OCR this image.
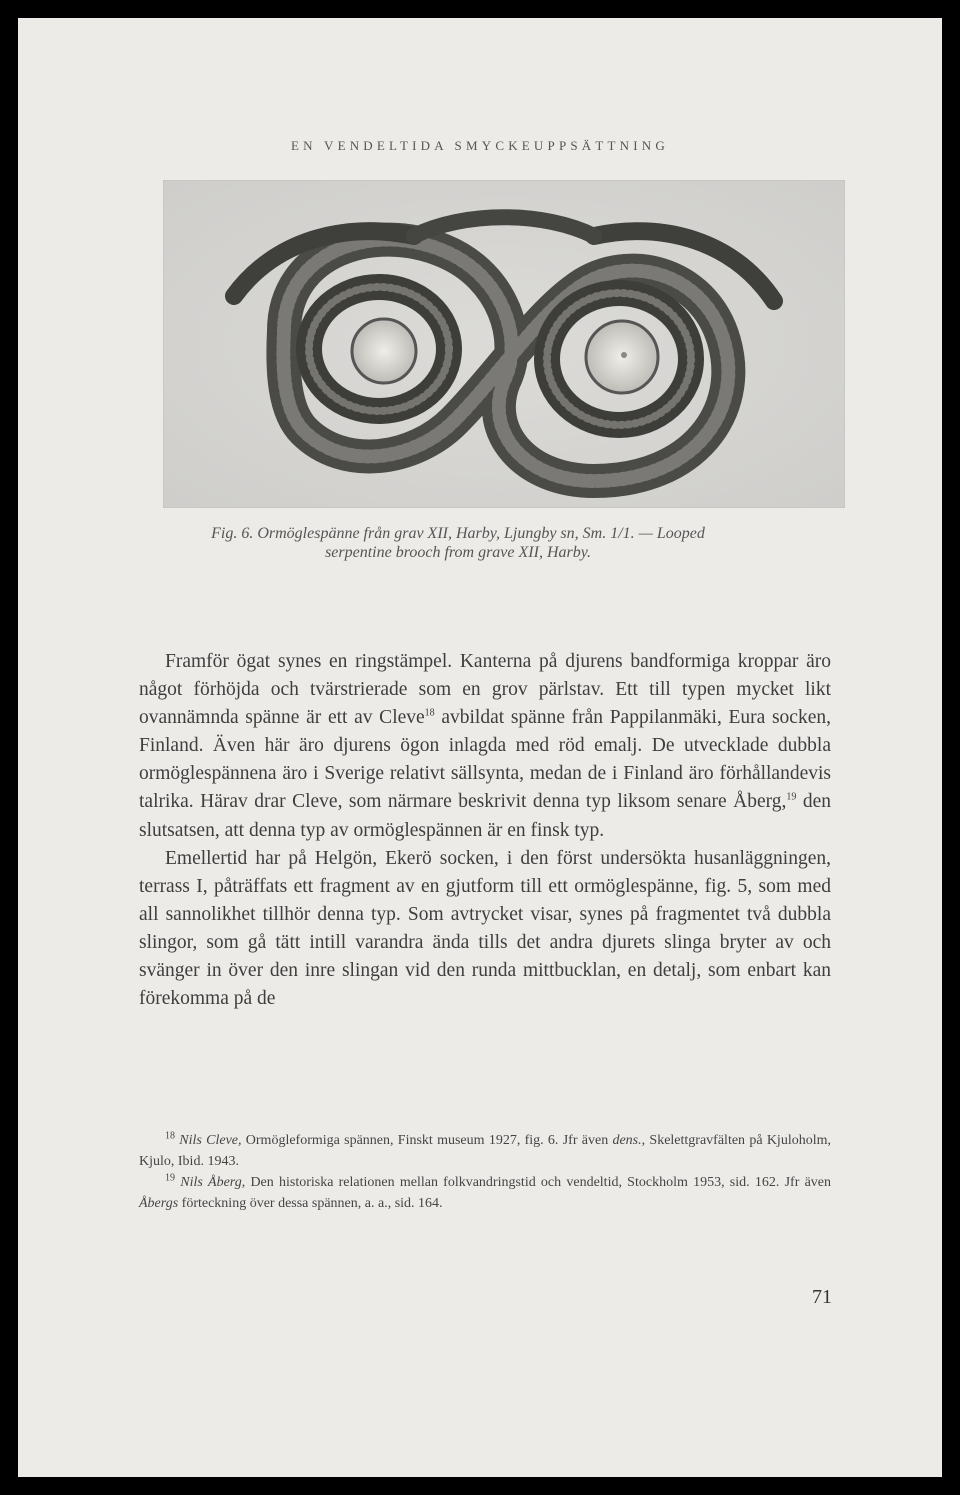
EN VENDELTIDA SMYCKEUPPSÄTTNING
Fig. 6. Ormöglespänne från grav XII, Harby, Ljungby sn, Sm. 1/1. — Looped serpentine brooch from grave XII, Harby.

Framför ögat synes en ringstämpel. Kanterna på djurens bandformiga kroppar äro något förhöjda och tvärstrierade som en grov pärlstav. Ett till typen mycket likt ovannämnda spänne är ett av Cleve$^{18}$ avbildat spänne från Pappilanmäki, Eura socken, Finland. Även här äro djurens ögon inlagda med röd emalj. De utvecklade dubbla ormöglespännena äro i Sverige relativt sällsynta, medan de i Finland äro förhållandevis talrika. Härav drar Cleve, som närmare beskrivit denna typ liksom senare Åberg,$^{19}$ den slutsatsen, att denna typ av ormöglespännen är en finsk typ.

Emellertid har på Helgön, Ekerö socken, i den först undersökta husanläggningen, terrass I, påträffats ett fragment av en gjutform till ett ormöglespänne, fig. 5, som med all sannolikhet tillhör denna typ. Som avtrycket visar, synes på fragmentet två dubbla slingor, som gå tätt intill varandra ända tills det andra djurets slinga bryter av och svänger in över den inre slingan vid den runda mittbucklan, en detalj, som enbart kan förekomma på de

$^{18}$ Nils Cleve, Ormögleformiga spännen, Finskt museum 1927, fig. 6. Jfr även dens., Skelettgravfälten på Kjuloholm, Kjulo, Ibid. 1943.

$^{19}$ Nils Åberg, Den historiska relationen mellan folkvandringstid och vendeltid, Stockholm 1953, sid. 162. Jfr även Åbergs förteckning över dessa spännen, a. a., sid. 164.

71
